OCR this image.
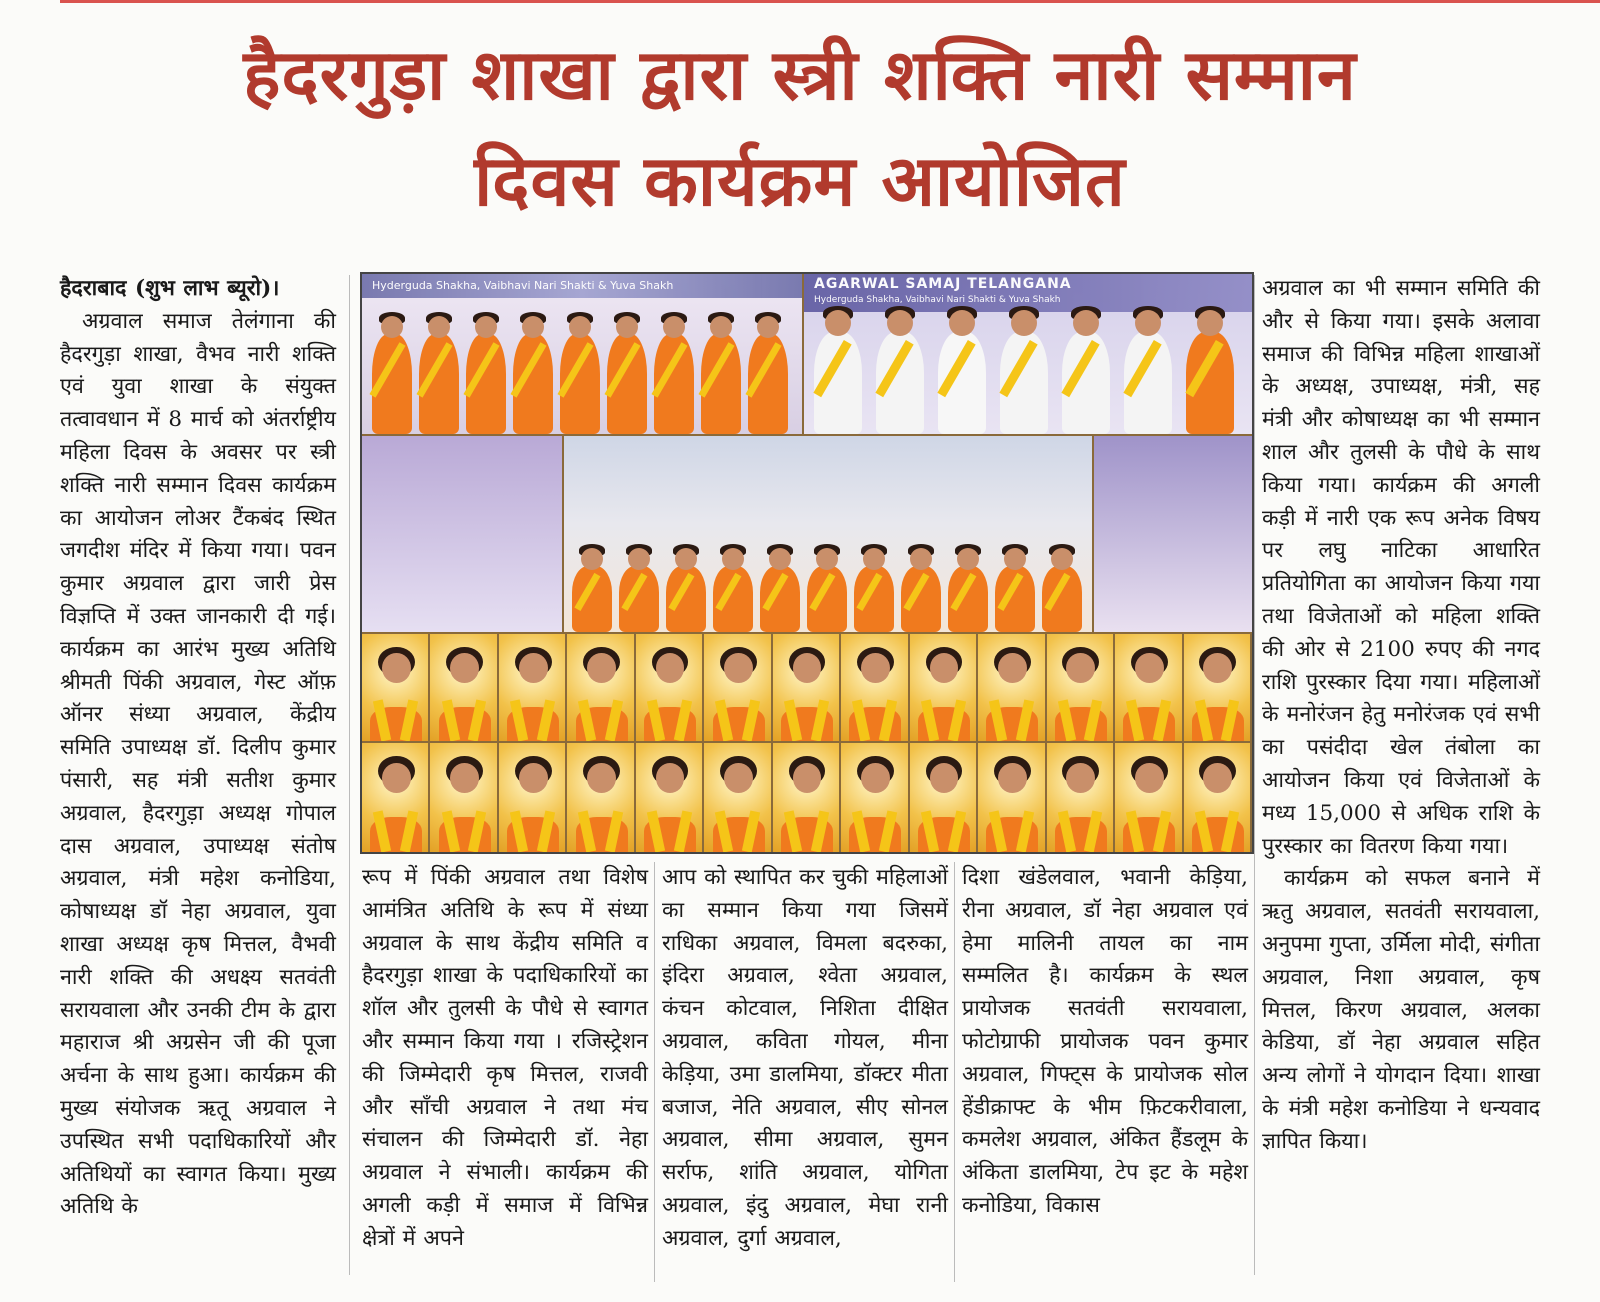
हैदरगुड़ा शाखा द्वारा स्त्री शक्ति नारी सम्मान
दिवस कार्यक्रम आयोजित

हैदराबाद (शुभ लाभ ब्यूरो)।

अग्रवाल समाज तेलंगाना की हैदरगुड़ा शाखा, वैभव नारी शक्ति एवं युवा शाखा के संयुक्त तत्वावधान में 8 मार्च को अंतर्राष्ट्रीय महिला दिवस के अवसर पर स्त्री शक्ति नारी सम्मान दिवस कार्यक्रम का आयोजन लोअर टैंकबंद स्थित जगदीश मंदिर में किया गया। पवन कुमार अग्रवाल द्वारा जारी प्रेस विज्ञप्ति में उक्त जानकारी दी गई। कार्यक्रम का आरंभ मुख्य अतिथि श्रीमती पिंकी अग्रवाल, गेस्ट ऑफ़ ऑनर संध्या अग्रवाल, केंद्रीय समिति उपाध्यक्ष डॉ. दिलीप कुमार पंसारी, सह मंत्री सतीश कुमार अग्रवाल, हैदरगुड़ा अध्यक्ष गोपाल दास अग्रवाल, उपाध्यक्ष संतोष अग्रवाल, मंत्री महेश कनोडिया, कोषाध्यक्ष डॉ नेहा अग्रवाल, युवा शाखा अध्यक्ष कृष मित्तल, वैभवी नारी शक्ति की अधक्ष्य सतवंती सरायवाला और उनकी टीम के द्वारा महाराज श्री अग्रसेन जी की पूजा अर्चना के साथ हुआ। कार्यक्रम की मुख्य संयोजक ऋतू अग्रवाल ने उपस्थित सभी पदाधिकारियों और अतिथियों का स्वागत किया। मुख्य अतिथि के

Hyderguda Shakha, Vaibhavi Nari Shakti & Yuva Shakh	AGARWAL SAMAJ TELANGANA
Hyderguda Shakha, Vaibhavi Nari Shakti & Yuva Shakh

रूप में पिंकी अग्रवाल तथा विशेष आमंत्रित अतिथि के रूप में संध्या अग्रवाल के साथ केंद्रीय समिति व हैदरगुड़ा शाखा के पदाधिकारियों का शॉल और तुलसी के पौधे से स्वागत और सम्मान किया गया । रजिस्ट्रेशन की जिम्मेदारी कृष मित्तल, राजवी और साँची अग्रवाल ने तथा मंच संचालन की जिम्मेदारी डॉ. नेहा अग्रवाल ने संभाली। कार्यक्रम की अगली कड़ी में समाज में विभिन्न क्षेत्रों में अपने

आप को स्थापित कर चुकी महिलाओं का सम्मान किया गया जिसमें राधिका अग्रवाल, विमला बदरुका, इंदिरा अग्रवाल, श्वेता अग्रवाल, कंचन कोटवाल, निशिता दीक्षित अग्रवाल, कविता गोयल, मीना केड़िया, उमा डालमिया, डॉक्टर मीता बजाज, नेति अग्रवाल, सीए सोनल अग्रवाल, सीमा अग्रवाल, सुमन सर्राफ, शांति अग्रवाल, योगिता अग्रवाल, इंदु अग्रवाल, मेघा रानी अग्रवाल, दुर्गा अग्रवाल,

दिशा खंडेलवाल, भवानी केड़िया, रीना अग्रवाल, डॉ नेहा अग्रवाल एवं हेमा मालिनी तायल का नाम सम्मलित है। कार्यक्रम के स्थल प्रायोजक सतवंती सरायवाला, फोटोग्राफी प्रायोजक पवन कुमार अग्रवाल, गिफ्ट्स के प्रायोजक सोल हेंडीक्राफ्ट के भीम फ़िटकरीवाला, कमलेश अग्रवाल, अंकित हैंडलूम के अंकिता डालमिया, टेप इट के महेश कनोडिया, विकास

अग्रवाल का भी सम्मान समिति की और से किया गया। इसके अलावा समाज की विभिन्न महिला शाखाओं के अध्यक्ष, उपाध्यक्ष, मंत्री, सह मंत्री और कोषाध्यक्ष का भी सम्मान शाल और तुलसी के पौधे के साथ किया गया। कार्यक्रम की अगली कड़ी में नारी एक रूप अनेक विषय पर लघु नाटिका आधारित प्रतियोगिता का आयोजन किया गया तथा विजेताओं को महिला शक्ति की ओर से 2100 रुपए की नगद राशि पुरस्कार दिया गया। महिलाओं के मनोरंजन हेतु मनोरंजक एवं सभी का पसंदीदा खेल तंबोला का आयोजन किया एवं विजेताओं के मध्य 15,000 से अधिक राशि के पुरस्कार का वितरण किया गया।

कार्यक्रम को सफल बनाने में ऋतु अग्रवाल, सतवंती सरायवाला, अनुपमा गुप्ता, उर्मिला मोदी, संगीता अग्रवाल, निशा अग्रवाल, कृष मित्तल, किरण अग्रवाल, अलका केडिया, डॉ नेहा अग्रवाल सहित अन्य लोगों ने योगदान दिया। शाखा के मंत्री महेश कनोडिया ने धन्यवाद ज्ञापित किया।
